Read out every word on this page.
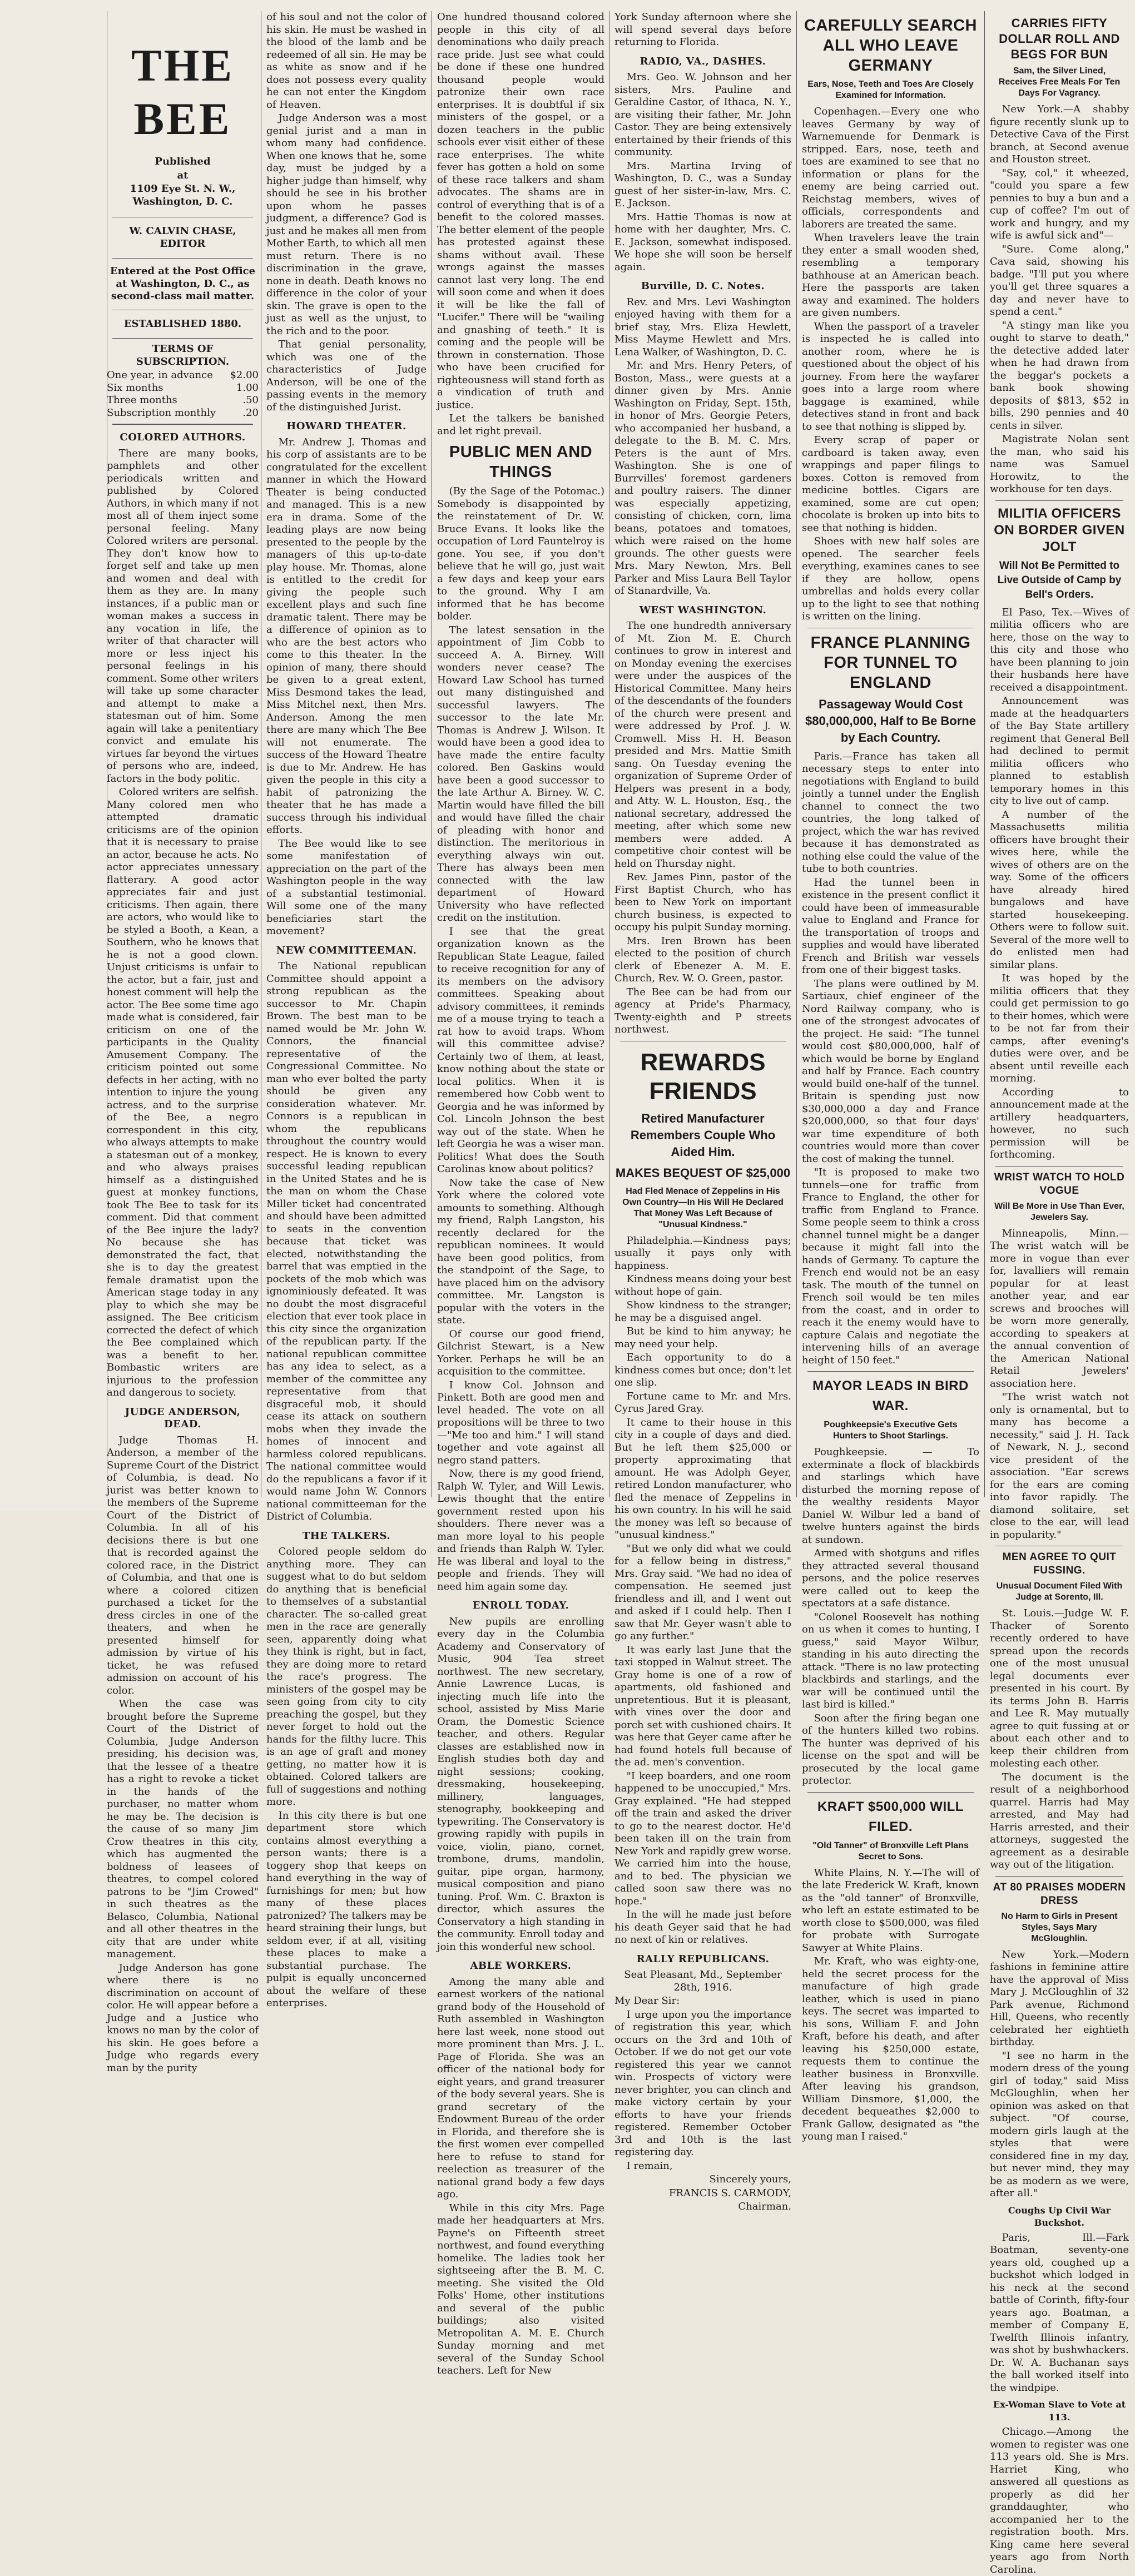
THE BEE

Published

at

1109 Eye St. N. W., Washington, D. C.

W. CALVIN CHASE, EDITOR

Entered at the Post Office at Washington, D. C., as second-class mail matter.

ESTABLISHED 1880.

TERMS OF SUBSCRIPTION.

One year, in advance $2.00
Six months	1.00
Three months	.50
Subscription monthly	.20
COLORED AUTHORS.

There are many books, pamphlets and other periodicals written and published by Colored Authors, in which many if not most all of them inject some personal feeling. Many Colored writers are personal. They don't know how to forget self and take up men and women and deal with them as they are. In many instances, if a public man or woman makes a success in any vocation in life, the writer of that character will more or less inject his personal feelings in his comment. Some other writers will take up some character and attempt to make a statesman out of him. Some again will take a penitentiary convict and emulate his virtues far beyond the virtues of persons who are, indeed, factors in the body politic.

Colored writers are selfish. Many colored men who attempted dramatic criticisms are of the opinion that it is necessary to praise an actor, because he acts. No actor appreciates unnessary flatterary. A good actor appreciates fair and just criticisms. Then again, there are actors, who would like to be styled a Booth, a Kean, a Southern, who he knows that he is not a good clown. Unjust criticisms is unfair to the actor, but a fair, just and honest comment will help the actor. The Bee some time ago made what is considered, fair criticism on one of the participants in the Quality Amusement Company. The criticism pointed out some defects in her acting, with no intention to injure the young actress, and to the surprise of the Bee, a negro correspondent in this city, who always attempts to make a statesman out of a monkey, and who always praises himself as a distinguished guest at monkey functions, took The Bee to task for its comment. Did that comment of the Bee injure the lady? No because she has demonstrated the fact, that she is to day the greatest female dramatist upon the American stage today in any play to which she may be assigned. The Bee criticism corrected the defect of which the Bee complained which was a benefit to her. Bombastic writers are injurious to the profession and dangerous to society.

JUDGE ANDERSON, DEAD.

Judge Thomas H. Anderson, a member of the Supreme Court of the District of Columbia, is dead. No jurist was better known to the members of the Supreme Court of the District of Columbia. In all of his decisions there is but one that is recorded against the colored race, in the District of Columbia, and that one is where a colored citizen purchased a ticket for the dress circles in one of the theaters, and when he presented himself for admission by virtue of his ticket, he was refused admission on account of his color.

When the case was brought before the Supreme Court of the District of Columbia, Judge Anderson presiding, his decision was, that the lessee of a theatre has a right to revoke a ticket in the hands of the purchaser, no matter whom he may be. The decision is the cause of so many Jim Crow theatres in this city, which has augmented the boldness of leasees of theatres, to compel colored patrons to be "Jim Crowed" in such theatres as the Belasco, Columbia, National and all other theatres in the city that are under white management.

Judge Anderson has gone where there is no discrimination on account of color. He will appear before a Judge and a Justice who knows no man by the color of his skin. He goes before a Judge who regards every man by the purity

of his soul and not the color of his skin. He must be washed in the blood of the lamb and be redeemed of all sin. He may be as white as snow and if he does not possess every quality he can not enter the Kingdom of Heaven.

Judge Anderson was a most genial jurist and a man in whom many had confidence. When one knows that he, some day, must be judged by a higher judge than himself, why should he see in his brother upon whom he passes judgment, a difference? God is just and he makes all men from Mother Earth, to which all men must return. There is no discrimination in the grave, none in death. Death knows no difference in the color of your skin. The grave is open to the just as well as the unjust, to the rich and to the poor.

That genial personality, which was one of the characteristics of Judge Anderson, will be one of the passing events in the memory of the distinguished Jurist.

HOWARD THEATER.

Mr. Andrew J. Thomas and his corp of assistants are to be congratulated for the excellent manner in which the Howard Theater is being conducted and managed. This is a new era in drama. Some of the leading plays are now being presented to the people by the managers of this up-to-date play house. Mr. Thomas, alone is entitled to the credit for giving the people such excellent plays and such fine dramatic talent. There may be a difference of opinion as to who are the best actors who come to this theater. In the opinion of many, there should be given to a great extent, Miss Desmond takes the lead, Miss Mitchel next, then Mrs. Anderson. Among the men there are many which The Bee will not enumerate. The success of the Howard Theatre is due to Mr. Andrew. He has given the people in this city a habit of patronizing the theater that he has made a success through his individual efforts.

The Bee would like to see some manifestation of appreciation on the part of the Washington people in the way of a substantial testimonial. Will some one of the many beneficiaries start the movement?

NEW COMMITTEEMAN.

The National republican Committee should appoint a strong republican as the successor to Mr. Chapin Brown. The best man to be named would be Mr. John W. Connors, the financial representative of the Congressional Committee. No man who ever bolted the party should be given any consideration whatever. Mr. Connors is a republican in whom the republicans throughout the country would respect. He is known to every successful leading republican in the United States and he is the man on whom the Chase Miller ticket had concentrated and should have been admitted to seats in the convention because that ticket was elected, notwithstanding the barrel that was emptied in the pockets of the mob which was ignominiously defeated. It was no doubt the most disgraceful election that ever took place in this city since the organization of the republican party. If the national republican committee has any idea to select, as a member of the committee any representative from that disgraceful mob, it should cease its attack on southern mobs when they invade the homes of innocent and harmless colored republicans. The national committee would do the republicans a favor if it would name John W. Connors national committeeman for the District of Columbia.

THE TALKERS.

Colored people seldom do anything more. They can suggest what to do but seldom do anything that is beneficial to themselves of a substantial character. The so-called great men in the race are generally seen, apparently doing what they think is right, but in fact, they are doing more to retard the race's progress. The ministers of the gospel may be seen going from city to city preaching the gospel, but they never forget to hold out the hands for the filthy lucre. This is an age of graft and money getting, no matter how it is obtained. Colored talkers are full of suggestions and nothing more.

In this city there is but one department store which contains almost everything a person wants; there is a toggery shop that keeps on hand everything in the way of furnishings for men; but how many of these places patronized? The talkers may be heard straining their lungs, but seldom ever, if at all, visiting these places to make a substantial purchase. The pulpit is equally unconcerned about the welfare of these enterprises.

One hundred thousand colored people in this city of all denominations who daily preach race pride. Just see what could be done if these one hundred thousand people would patronize their own race enterprises. It is doubtful if six ministers of the gospel, or a dozen teachers in the public schools ever visit either of these race enterprises. The white fever has gotten a hold on some of these race talkers and sham advocates. The shams are in control of everything that is of a benefit to the colored masses. The better element of the people has protested against these shams without avail. These wrongs against the masses cannot last very long. The end will soon come and when it does it will be like the fall of "Lucifer." There will be "wailing and gnashing of teeth." It is coming and the people will be thrown in consternation. Those who have been crucified for righteousness will stand forth as a vindication of truth and justice.

Let the talkers be banished and let right prevail.

PUBLIC MEN AND THINGS

(By the Sage of the Potomac.) Somebody is disappointed by the reinstatement of Dr. W. Bruce Evans. It looks like the occupation of Lord Fauntelroy is gone. You see, if you don't believe that he will go, just wait a few days and keep your ears to the ground. Why I am informed that he has become bolder.

The latest sensation in the appointment of Jim Cobb to succeed A. A. Birney. Will wonders never cease? The Howard Law School has turned out many distinguished and successful lawyers. The successor to the late Mr. Thomas is Andrew J. Wilson. It would have been a good idea to have made the entire faculty colored. Ben Gaskins would have been a good successor to the late Arthur A. Birney. W. C. Martin would have filled the bill and would have filled the chair of pleading with honor and distinction. The meritorious in everything always win out. There has always been men connected with the law department of Howard University who have reflected credit on the institution.

I see that the great organization known as the Republican State League, failed to receive recognition for any of its members on the advisory committees. Speaking about advisory committees, it reminds me of a mouse trying to teach a rat how to avoid traps. Whom will this committee advise? Certainly two of them, at least, know nothing about the state or local politics. When it is remembered how Cobb went to Georgia and he was informed by Col. Lincoln Johnson the best way out of the state. When he left Georgia he was a wiser man. Politics! What does the South Carolinas know about politics?

Now take the case of New York where the colored vote amounts to something. Although my friend, Ralph Langston, his recently declared for the republican nominees. It would have been good politics, from the standpoint of the Sage, to have placed him on the advisory committee. Mr. Langston is popular with the voters in the state.

Of course our good friend, Gilchrist Stewart, is a New Yorker. Perhaps he will be an acquisition to the committee.

I know Col. Johnson and Pinkett. Both are good men and level headed. The vote on all propositions will be three to two—"Me too and him." I will stand together and vote against all negro stand patters.

Now, there is my good friend, Ralph W. Tyler, and Will Lewis. Lewis thought that the entire government rested upon his shoulders. There never was a man more loyal to his people and friends than Ralph W. Tyler. He was liberal and loyal to the people and friends. They will need him again some day.

ENROLL TODAY.

New pupils are enrolling every day in the Columbia Academy and Conservatory of Music, 904 Tea street northwest. The new secretary, Annie Lawrence Lucas, is injecting much life into the school, assisted by Miss Marie Oram, the Domestic Science teacher, and others. Regular classes are established now in English studies both day and night sessions; cooking, dressmaking, housekeeping, millinery, languages, stenography, bookkeeping and typewriting. The Conservatory is growing rapidly with pupils in voice, violin, piano, cornet, trombone, drums, mandolin, guitar, pipe organ, harmony, musical composition and piano tuning. Prof. Wm. C. Braxton is director, which assures the Conservatory a high standing in the community. Enroll today and join this wonderful new school.

ABLE WORKERS.

Among the many able and earnest workers of the national grand body of the Household of Ruth assembled in Washington here last week, none stood out more prominent than Mrs. J. L. Page of Florida. She was an officer of the national body for eight years, and grand treasurer of the body several years. She is grand secretary of the Endowment Bureau of the order in Florida, and therefore she is the first women ever compelled here to refuse to stand for reelection as treasurer of the national grand body a few days ago.

While in this city Mrs. Page made her headquarters at Mrs. Payne's on Fifteenth street northwest, and found everything homelike. The ladies took her sightseeing after the B. M. C. meeting. She visited the Old Folks' Home, other institutions and several of the public buildings; also visited Metropolitan A. M. E. Church Sunday morning and met several of the Sunday School teachers. Left for New

York Sunday afternoon where she will spend several days before returning to Florida.

RADIO, VA., DASHES.

Mrs. Geo. W. Johnson and her sisters, Mrs. Pauline and Geraldine Castor, of Ithaca, N. Y., are visiting their father, Mr. John Castor. They are being extensively entertained by their friends of this community.

Mrs. Martina Irving of Washington, D. C., was a Sunday guest of her sister-in-law, Mrs. C. E. Jackson.

Mrs. Hattie Thomas is now at home with her daughter, Mrs. C. E. Jackson, somewhat indisposed. We hope she will soon be herself again.

Burville, D. C. Notes.

Rev. and Mrs. Levi Washington enjoyed having with them for a brief stay, Mrs. Eliza Hewlett, Miss Mayme Hewlett and Mrs. Lena Walker, of Washington, D. C.

Mr. and Mrs. Henry Peters, of Boston, Mass., were guests at a dinner given by Mrs. Annie Washington on Friday, Sept. 15th, in honor of Mrs. Georgie Peters, who accompanied her husband, a delegate to the B. M. C. Mrs. Peters is the aunt of Mrs. Washington. She is one of Burrvilles' foremost gardeners and poultry raisers. The dinner was especially appetizing, consisting of chicken, corn, lima beans, potatoes and tomatoes, which were raised on the home grounds. The other guests were Mrs. Mary Newton, Mrs. Bell Parker and Miss Laura Bell Taylor of Stanardville, Va.

WEST WASHINGTON.

The one hundredth anniversary of Mt. Zion M. E. Church continues to grow in interest and on Monday evening the exercises were under the auspices of the Historical Committee. Many heirs of the descendants of the founders of the church were present and were addressed by Prof. J. W. Cromwell. Miss H. H. Beason presided and Mrs. Mattie Smith sang. On Tuesday evening the organization of Supreme Order of Helpers was present in a body, and Atty. W. L. Houston, Esq., the national secretary, addressed the meeting, after which some new members were added. A competitive choir contest will be held on Thursday night.

Rev. James Pinn, pastor of the First Baptist Church, who has been to New York on important church business, is expected to occupy his pulpit Sunday morning.

Mrs. Iren Brown has been elected to the position of church clerk of Ebenezer A. M. E. Church, Rev. W. O. Green, pastor.

The Bee can be had from our agency at Pride's Pharmacy, Twenty-eighth and P streets northwest.

REWARDS FRIENDS
Retired Manufacturer Remembers Couple Who Aided Him.
MAKES BEQUEST OF $25,000
Had Fled Menace of Zeppelins in His Own Country—In His Will He Declared That Money Was Left Because of "Unusual Kindness."

Philadelphia.—Kindness pays; usually it pays only with happiness.

Kindness means doing your best without hope of gain.

Show kindness to the stranger; he may be a disguised angel.

But be kind to him anyway; he may need your help.

Each opportunity to do a kindness comes but once; don't let one slip.

Fortune came to Mr. and Mrs. Cyrus Jared Gray.

It came to their house in this city in a couple of days and died. But he left them $25,000 or property approximating that amount. He was Adolph Geyer, retired London manufacturer, who fled the menace of Zeppelins in his own country. In his will he said the money was left so because of "unusual kindness."

"But we only did what we could for a fellow being in distress," Mrs. Gray said. "We had no idea of compensation. He seemed just friendless and ill, and I went out and asked if I could help. Then I saw that Mr. Geyer wasn't able to go any further."

It was early last June that the taxi stopped in Walnut street. The Gray home is one of a row of apartments, old fashioned and unpretentious. But it is pleasant, with vines over the door and porch set with cushioned chairs. It was here that Geyer came after he had found hotels full because of the ad. men's convention.

"I keep boarders, and one room happened to be unoccupied," Mrs. Gray explained. "He had stepped off the train and asked the driver to go to the nearest doctor. He'd been taken ill on the train from New York and rapidly grew worse. We carried him into the house, and to bed. The physician we called soon saw there was no hope."

In the will he made just before his death Geyer said that he had no next of kin or relatives.

RALLY REPUBLICANS.

Seat Pleasant, Md., September 28th, 1916.

My Dear Sir:

I urge upon you the importance of registration this year, which occurs on the 3rd and 10th of October. If we do not get our vote registered this year we cannot win. Prospects of victory were never brighter, you can clinch and make victory certain by your efforts to have your friends registered. Remember October 3rd and 10th is the last registering day.

I remain,

Sincerely yours,

FRANCIS S. CARMODY,

Chairman.

CAREFULLY SEARCH ALL WHO LEAVE GERMANY
Ears, Nose, Teeth and Toes Are Closely Examined for Information.

Copenhagen.—Every one who leaves Germany by way of Warnemuende for Denmark is stripped. Ears, nose, teeth and toes are examined to see that no information or plans for the enemy are being carried out. Reichstag members, wives of officials, correspondents and laborers are treated the same.

When travelers leave the train they enter a small wooden shed, resembling a temporary bathhouse at an American beach. Here the passports are taken away and examined. The holders are given numbers.

When the passport of a traveler is inspected he is called into another room, where he is questioned about the object of his journey. From here the wayfarer goes into a large room where baggage is examined, while detectives stand in front and back to see that nothing is slipped by.

Every scrap of paper or cardboard is taken away, even wrappings and paper filings to boxes. Cotton is removed from medicine bottles. Cigars are examined, some are cut open; chocolate is broken up into bits to see that nothing is hidden.

Shoes with new half soles are opened. The searcher feels everything, examines canes to see if they are hollow, opens umbrellas and holds every collar up to the light to see that nothing is written on the lining.

FRANCE PLANNING FOR TUNNEL TO ENGLAND
Passageway Would Cost $80,000,000, Half to Be Borne by Each Country.

Paris.—France has taken all necessary steps to enter into negotiations with England to build jointly a tunnel under the English channel to connect the two countries, the long talked of project, which the war has revived because it has demonstrated as nothing else could the value of the tube to both countries.

Had the tunnel been in existence in the present conflict it could have been of immeasurable value to England and France for the transportation of troops and supplies and would have liberated French and British war vessels from one of their biggest tasks.

The plans were outlined by M. Sartiaux, chief engineer of the Nord Railway company, who is one of the strongest advocates of the project. He said: "The tunnel would cost $80,000,000, half of which would be borne by England and half by France. Each country would build one-half of the tunnel. Britain is spending just now $30,000,000 a day and France $20,000,000, so that four days' war time expenditure of both countries would more than cover the cost of making the tunnel.

"It is proposed to make two tunnels—one for traffic from France to England, the other for traffic from England to France. Some people seem to think a cross channel tunnel might be a danger because it might fall into the hands of Germany. To capture the French end would not be an easy task. The mouth of the tunnel on French soil would be ten miles from the coast, and in order to reach it the enemy would have to capture Calais and negotiate the intervening hills of an average height of 150 feet."

MAYOR LEADS IN BIRD WAR.
Poughkeepsie's Executive Gets Hunters to Shoot Starlings.

Poughkeepsie. — To exterminate a flock of blackbirds and starlings which have disturbed the morning repose of the wealthy residents Mayor Daniel W. Wilbur led a band of twelve hunters against the birds at sundown.

Armed with shotguns and rifles they attracted several thousand persons, and the police reserves were called out to keep the spectators at a safe distance.

"Colonel Roosevelt has nothing on us when it comes to hunting, I guess," said Mayor Wilbur, standing in his auto directing the attack. "There is no law protecting blackbirds and starlings, and the war will be continued until the last bird is killed."

Soon after the firing began one of the hunters killed two robins. The hunter was deprived of his license on the spot and will be prosecuted by the local game protector.

KRAFT $500,000 WILL FILED.
"Old Tanner" of Bronxville Left Plans Secret to Sons.

White Plains, N. Y.—The will of the late Frederick W. Kraft, known as the "old tanner" of Bronxville, who left an estate estimated to be worth close to $500,000, was filed for probate with Surrogate Sawyer at White Plains.

Mr. Kraft, who was eighty-one, held the secret process for the manufacture of high grade leather, which is used in piano keys. The secret was imparted to his sons, William F. and John Kraft, before his death, and after leaving his $250,000 estate, requests them to continue the leather business in Bronxville. After leaving his grandson, William Dinsmore, $1,000, the decedent bequeathes $2,000 to Frank Gallow, designated as "the young man I raised."

CARRIES FIFTY DOLLAR ROLL AND BEGS FOR BUN
Sam, the Silver Lined, Receives Free Meals For Ten Days For Vagrancy.

New York.—A shabby figure recently slunk up to Detective Cava of the First branch, at Second avenue and Houston street.

"Say, col," it wheezed, "could you spare a few pennies to buy a bun and a cup of coffee? I'm out of work and hungry, and my wife is awful sick and"—

"Sure. Come along," Cava said, showing his badge. "I'll put you where you'll get three squares a day and never have to spend a cent."

"A stingy man like you ought to starve to death," the detective added later when he had drawn from the beggar's pockets a bank book showing deposits of $813, $52 in bills, 290 pennies and 40 cents in silver.

Magistrate Nolan sent the man, who said his name was Samuel Horowitz, to the workhouse for ten days.

MILITIA OFFICERS ON BORDER GIVEN JOLT
Will Not Be Permitted to Live Outside of Camp by Bell's Orders.

El Paso, Tex.—Wives of militia officers who are here, those on the way to this city and those who have been planning to join their husbands here have received a disappointment.

Announcement was made at the headquarters of the Bay State artillery regiment that General Bell had declined to permit militia officers who planned to establish temporary homes in this city to live out of camp.

A number of the Massachusetts militia officers have brought their wives here, while the wives of others are on the way. Some of the officers have already hired bungalows and have started housekeeping. Others were to follow suit. Several of the more well to do enlisted men had similar plans.

It was hoped by the militia officers that they could get permission to go to their homes, which were to be not far from their camps, after evening's duties were over, and be absent until reveille each morning.

According to announcement made at the artillery headquarters, however, no such permission will be forthcoming.

WRIST WATCH TO HOLD VOGUE
Will Be More in Use Than Ever, Jewelers Say.

Minneapolis, Minn.—The wrist watch will be more in vogue than ever for, lavalliers will remain popular for at least another year, and ear screws and brooches will be worn more generally, according to speakers at the annual convention of the American National Retail Jewelers' association here.

"The wrist watch not only is ornamental, but to many has become a necessity," said J. H. Tack of Newark, N. J., second vice president of the association. "Ear screws for the ears are coming into favor rapidly. The diamond solitaire, set close to the ear, will lead in popularity."

MEN AGREE TO QUIT FUSSING.
Unusual Document Filed With Judge at Sorento, Ill.

St. Louis.—Judge W. F. Thacker of Sorento recently ordered to have spread upon the records one of the most unusual legal documents ever presented in his court. By its terms John B. Harris and Lee R. May mutually agree to quit fussing at or about each other and to keep their children from molesting each other.

The document is the result of a neighborhood quarrel. Harris had May arrested, and May had Harris arrested, and their attorneys, suggested the agreement as a desirable way out of the litigation.

AT 80 PRAISES MODERN DRESS
No Harm to Girls in Present Styles, Says Mary McGloughlin.

New York.—Modern fashions in feminine attire have the approval of Miss Mary J. McGloughlin of 32 Park avenue, Richmond Hill, Queens, who recently celebrated her eightieth birthday.

"I see no harm in the modern dress of the young girl of today," said Miss McGloughlin, when her opinion was asked on that subject. "Of course, modern girls laugh at the styles that were considered fine in my day, but never mind, they may be as modern as we were, after all."

Coughs Up Civil War Buckshot.

Paris, Ill.—Fark Boatman, seventy-one years old, coughed up a buckshot which lodged in his neck at the second battle of Corinth, fifty-four years ago. Boatman, a member of Company E, Twelfth Illinois infantry, was shot by bushwhackers. Dr. W. A. Buchanan says the ball worked itself into the windpipe.

Ex-Woman Slave to Vote at 113.

Chicago.—Among the women to register was one 113 years old. She is Mrs. Harriet King, who answered all questions as properly as did her granddaughter, who accompanied her to the registration booth. Mrs. King came here several years ago from North Carolina.
